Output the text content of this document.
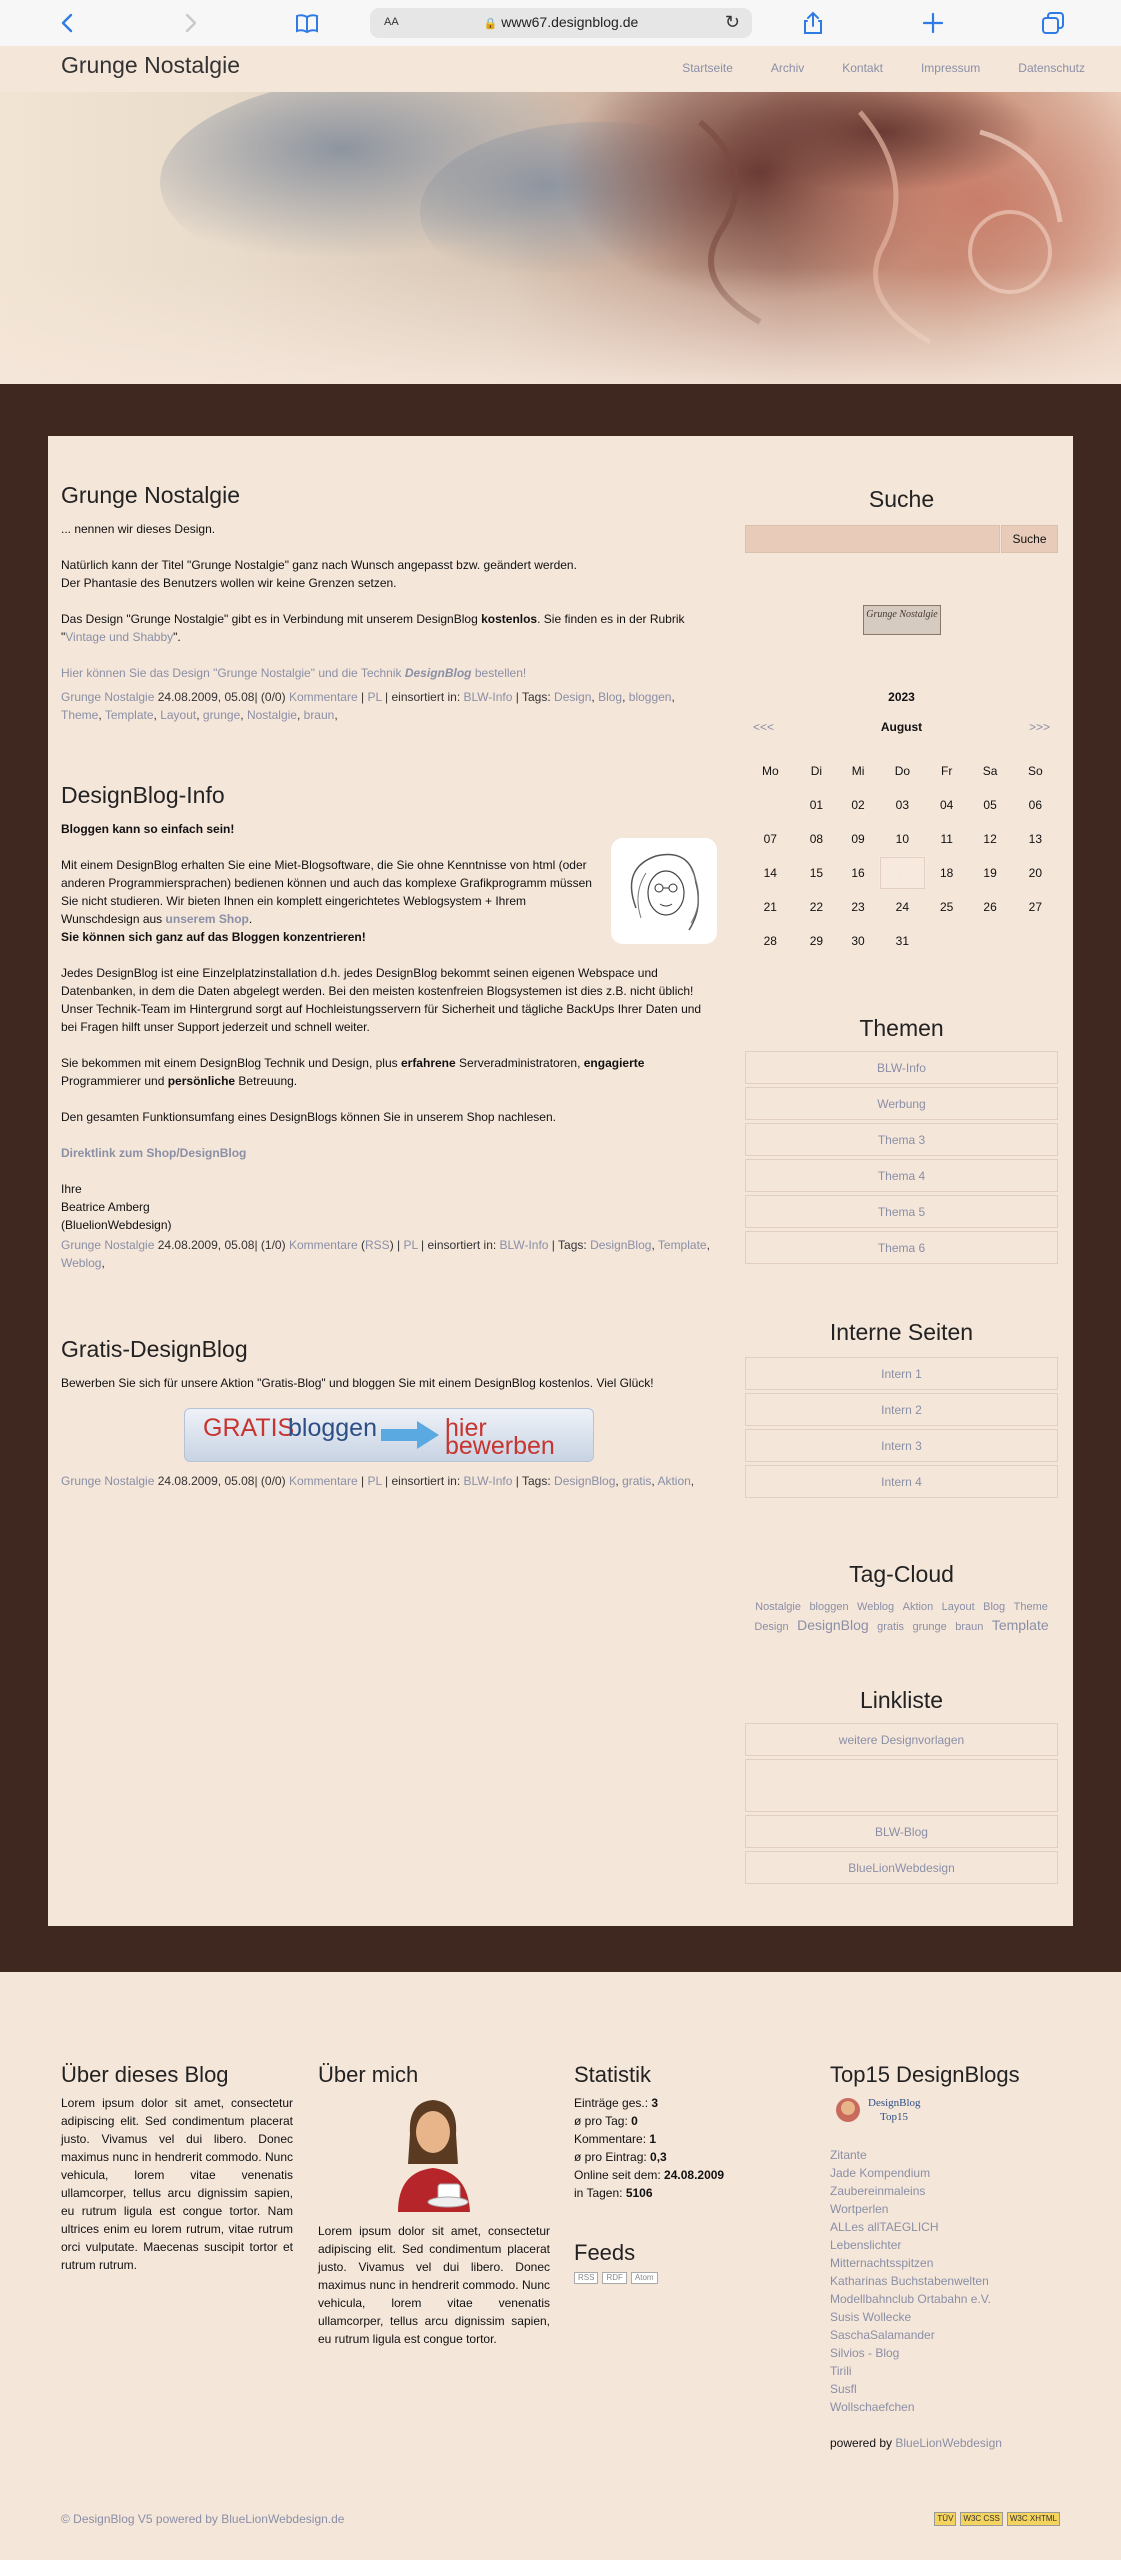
AA	🔒 www67.designblog.de	↻
Grunge Nostalgie	Startseite	Archiv	Kontakt	Impressum	Datenschutz
Grunge Nostalgie

... nennen wir dieses Design.

Natürlich kann der Titel "Grunge Nostalgie" ganz nach Wunsch angepasst bzw. geändert werden.

Der Phantasie des Benutzers wollen wir keine Grenzen setzen.

Das Design "Grunge Nostalgie" gibt es in Verbindung mit unserem DesignBlog kostenlos. Sie finden es in der Rubrik "Vintage und Shabby".

Hier können Sie das Design "Grunge Nostalgie" und die Technik DesignBlog bestellen!

Grunge Nostalgie 24.08.2009, 05.08| (0/0) Kommentare | PL | einsortiert in: BLW-Info | Tags: Design, Blog, bloggen, Theme, Template, Layout, grunge, Nostalgie, braun,

DesignBlog-Info

Bloggen kann so einfach sein!

Mit einem DesignBlog erhalten Sie eine Miet-Blogsoftware, die Sie ohne Kenntnisse von html (oder anderen Programmiersprachen) bedienen können und auch das komplexe Grafikprogramm müssen Sie nicht studieren. Wir bieten Ihnen ein komplett eingerichtetes Weblogsystem + Ihrem Wunschdesign aus unserem Shop.
Sie können sich ganz auf das Bloggen konzentrieren!

Jedes DesignBlog ist eine Einzelplatzinstallation d.h. jedes DesignBlog bekommt seinen eigenen Webspace und Datenbanken, in dem die Daten abgelegt werden. Bei den meisten kostenfreien Blogsystemen ist dies z.B. nicht üblich! Unser Technik-Team im Hintergrund sorgt auf Hochleistungsservern für Sicherheit und tägliche BackUps Ihrer Daten und bei Fragen hilft unser Support jederzeit und schnell weiter.

Sie bekommen mit einem DesignBlog Technik und Design, plus erfahrene Serveradministratoren, engagierte Programmierer und persönliche Betreuung.

Den gesamten Funktionsumfang eines DesignBlogs können Sie in unserem Shop nachlesen.

Direktlink zum Shop/DesignBlog

Ihre
Beatrice Amberg
(BluelionWebdesign)

Grunge Nostalgie 24.08.2009, 05.08| (1/0) Kommentare (RSS) | PL | einsortiert in: BLW-Info | Tags: DesignBlog, Template, Weblog,

Gratis-DesignBlog

Bewerben Sie sich für unsere Aktion "Gratis-Blog" und bloggen Sie mit einem DesignBlog kostenlos. Viel Glück!

GRATIS
bloggen	hier bewerben

Grunge Nostalgie 24.08.2009, 05.08| (0/0) Kommentare | PL | einsortiert in: BLW-Info | Tags: DesignBlog, gratis, Aktion,

Suche
Suche
Grunge Nostalgie
2023
<<<	August	>>>
Mo	Di	Mi	Do	Fr	Sa	So
	01	02	03	04	05	06
07	08	09	10	11	12	13
14	15	16	17	18	19	20
21	22	23	24	25	26	27
28	29	30	31			
Themen
BLW-Info
Werbung
Thema 3
Thema 4
Thema 5
Thema 6
Interne Seiten
Intern 1
Intern 2
Intern 3
Intern 4
Tag-Cloud
Nostalgie bloggen Weblog Aktion Layout Blog Theme Design DesignBlog gratis grunge braun Template
Linkliste
weitere Designvorlagen
BLW-Blog
BlueLionWebdesign
Über dieses Blog
Lorem ipsum dolor sit amet, consectetur adipiscing elit. Sed condimentum placerat justo. Vivamus vel dui libero. Donec maximus nunc in hendrerit commodo. Nunc vehicula, lorem vitae venenatis ullamcorper, tellus arcu dignissim sapien, eu rutrum ligula est congue tortor. Nam ultrices enim eu lorem rutrum, vitae rutrum orci vulputate. Maecenas suscipit tortor et rutrum rutrum.
Über mich
Lorem ipsum dolor sit amet, consectetur adipiscing elit. Sed condimentum placerat justo. Vivamus vel dui libero. Donec maximus nunc in hendrerit commodo. Nunc vehicula, lorem vitae venenatis ullamcorper, tellus arcu dignissim sapien, eu rutrum ligula est congue tortor.
Statistik
Einträge ges.: 3
ø pro Tag: 0
Kommentare: 1
ø pro Eintrag: 0,3
Online seit dem: 24.08.2009
in Tagen: 5106
Feeds
RSS	RDF	Atom
Top15 DesignBlogs
DesignBlog
Top15
Zitante
Jade Kompendium
Zaubereinmaleins
Wortperlen
ALLes allTAEGLICH
Lebenslichter
Mitternachtsspitzen
Katharinas Buchstabenwelten
Modellbahnclub Ortabahn e.V.
Susis Wollecke
SaschaSalamander
Silvios - Blog
Tirili
Susfl
Wollschaefchen
powered by BlueLionWebdesign
© DesignBlog V5 powered by BlueLionWebdesign.de	TÜV	W3C CSS	W3C XHTML
